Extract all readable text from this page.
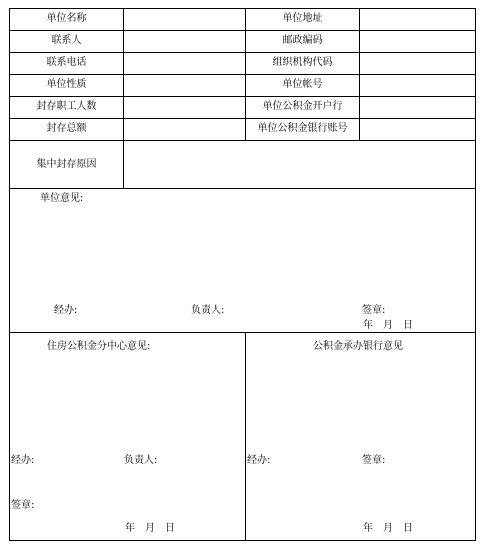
单位名称	单位地址
联系人	邮政编码
联系电话	组织机构代码
单位性质	单位帐号
封存职工人数	单位公积金开户行
封存总额	单位公积金银行账号
集中封存原因
单位意见:
经办:	负责人:	签章:
年　月　日
住房公积金分中心意见:
经办:	负责人:
签章:
年　月　日
公积金承办银行意见
经办:	签章:
年　月　日
